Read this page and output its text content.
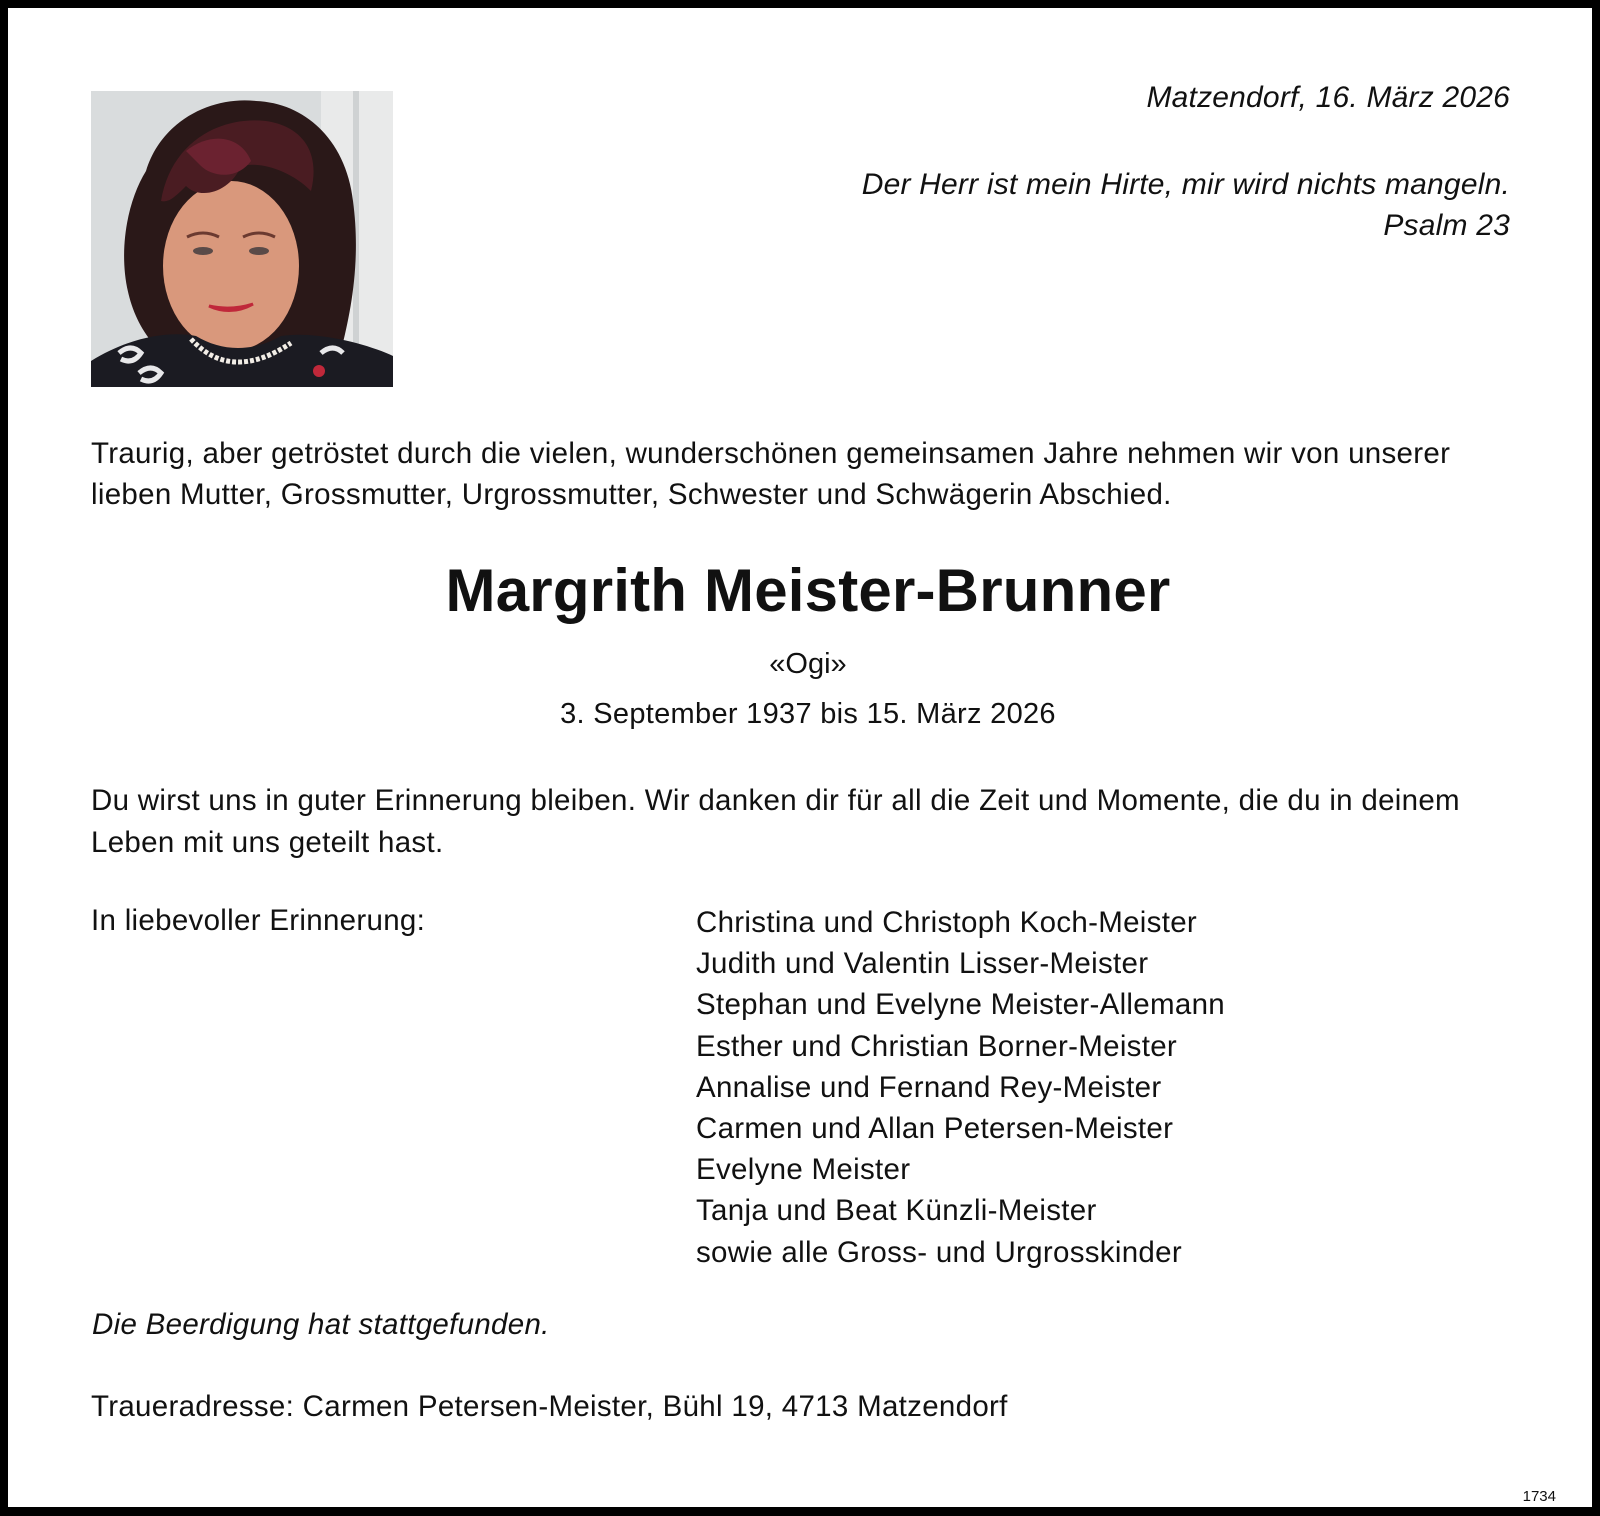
Matzendorf, 16. März 2026
Der Herr ist mein Hirte, mir wird nichts mangeln.
Psalm 23
Traurig, aber getröstet durch die vielen, wunderschönen gemeinsamen Jahre nehmen wir von unserer lieben Mutter, Grossmutter, Urgrossmutter, Schwester und Schwägerin Abschied.
Margrith Meister-Brunner
«Ogi»
3. September 1937 bis 15. März 2026
Du wirst uns in guter Erinnerung bleiben. Wir danken dir für all die Zeit und Momente, die du in deinem Leben mit uns geteilt hast.
In liebevoller Erinnerung:	Christina und Christoph Koch-Meister
Judith und Valentin Lisser-Meister
Stephan und Evelyne Meister-Allemann
Esther und Christian Borner-Meister
Annalise und Fernand Rey-Meister
Carmen und Allan Petersen-Meister
Evelyne Meister
Tanja und Beat Künzli-Meister
sowie alle Gross- und Urgrosskinder
Die Beerdigung hat stattgefunden.
Traueradresse: Carmen Petersen-Meister, Bühl 19, 4713 Matzendorf
1734
